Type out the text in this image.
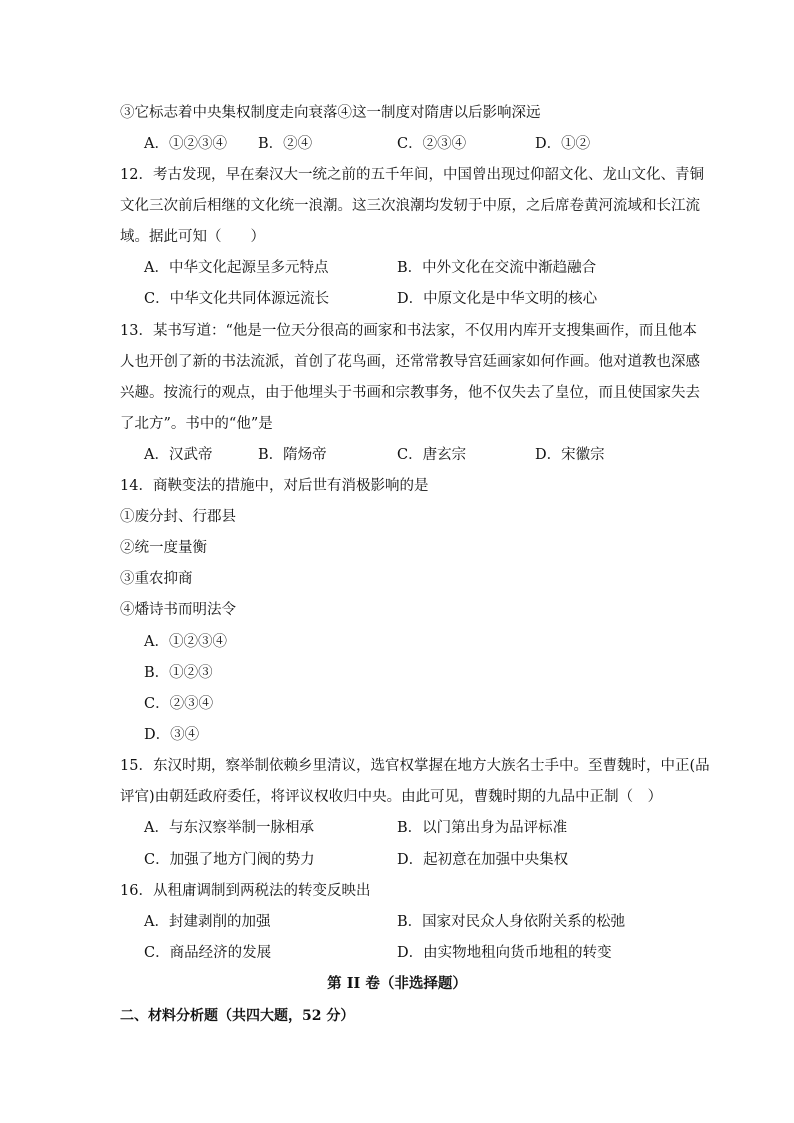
③它标志着中央集权制度走向衰落④这一制度对隋唐以后影响深远
A．①②③④ B．②④	C．②③④	D．①②
12．考古发现，早在秦汉大一统之前的五千年间，中国曾出现过仰韶文化、龙山文化、青铜
文化三次前后相继的文化统一浪潮。这三次浪潮均发轫于中原，之后席卷黄河流域和长江流
域。据此可知（　　）
A．中华文化起源呈多元特点	B．中外文化在交流中渐趋融合
C．中华文化共同体源远流长	D．中原文化是中华文明的核心
13．某书写道：“他是一位天分很高的画家和书法家，不仅用内库开支搜集画作，而且他本
人也开创了新的书法流派，首创了花鸟画，还常常教导宫廷画家如何作画。他对道教也深感
兴趣。按流行的观点，由于他埋头于书画和宗教事务，他不仅失去了皇位，而且使国家失去
了北方”。书中的“他”是
A．汉武帝	B．隋炀帝	C．唐玄宗	D．宋徽宗
14．商鞅变法的措施中，对后世有消极影响的是
①废分封、行郡县
②统一度量衡
③重农抑商
④燔诗书而明法令
A．①②③④
B．①②③
C．②③④
D．③④
15．东汉时期，察举制依赖乡里清议，选官权掌握在地方大族名士手中。至曹魏时，中正(品
评官)由朝廷政府委任，将评议权收归中央。由此可见，曹魏时期的九品中正制（　）
A．与东汉察举制一脉相承	B．以门第出身为品评标准
C．加强了地方门阀的势力	D．起初意在加强中央集权
16．从租庸调制到两税法的转变反映出
A．封建剥削的加强	B．国家对民众人身依附关系的松弛
C．商品经济的发展	D．由实物地租向货币地租的转变
第 II 卷（非选择题）
二、材料分析题（共四大题，52 分）
